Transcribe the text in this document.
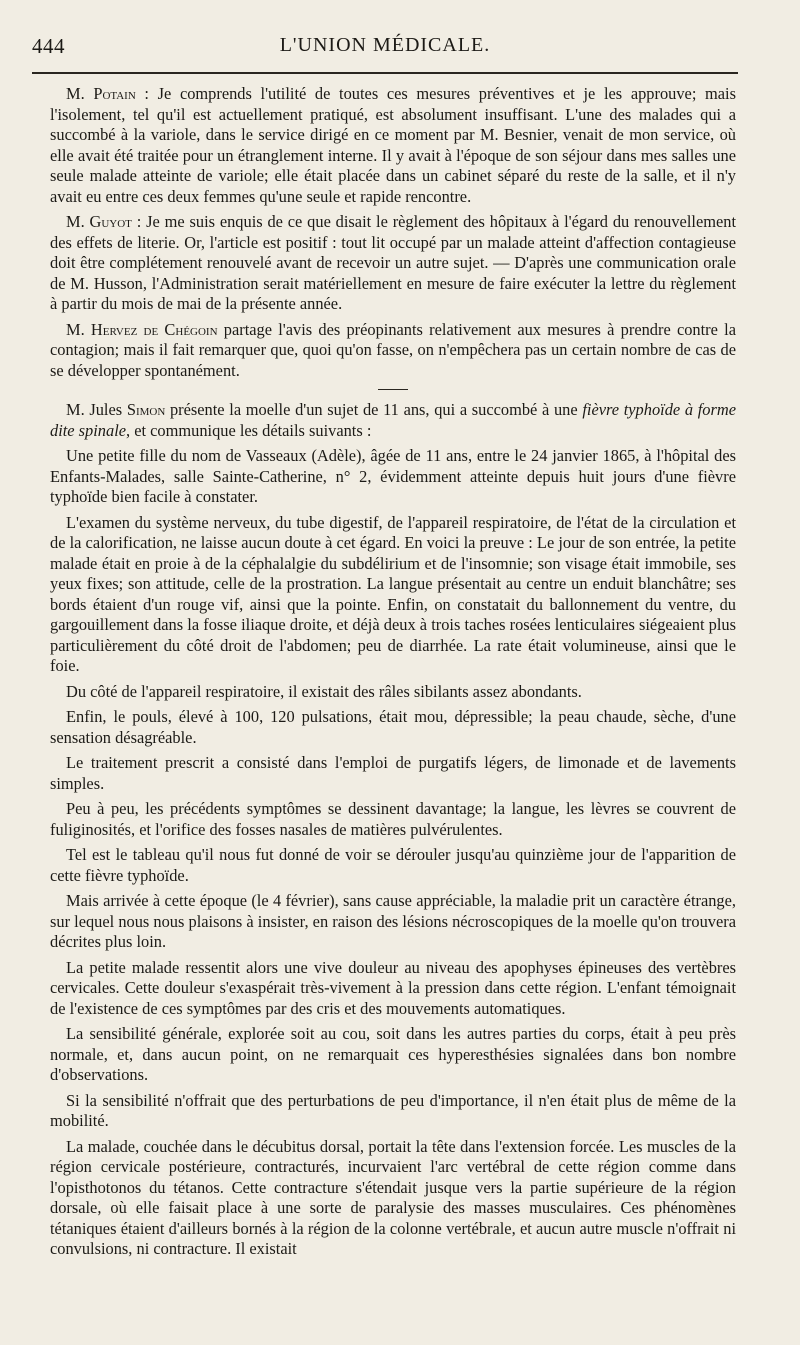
444	L'UNION MÉDICALE.

M. Potain : Je comprends l'utilité de toutes ces mesures préventives et je les approuve; mais l'isolement, tel qu'il est actuellement pratiqué, est absolument insuffisant. L'une des malades qui a succombé à la variole, dans le service dirigé en ce moment par M. Besnier, venait de mon service, où elle avait été traitée pour un étranglement interne. Il y avait à l'époque de son séjour dans mes salles une seule malade atteinte de variole; elle était placée dans un cabinet séparé du reste de la salle, et il n'y avait eu entre ces deux femmes qu'une seule et rapide rencontre.

M. Guyot : Je me suis enquis de ce que disait le règlement des hôpitaux à l'égard du renouvellement des effets de literie. Or, l'article est positif : tout lit occupé par un malade atteint d'affection contagieuse doit être complétement renouvelé avant de recevoir un autre sujet. — D'après une communication orale de M. Husson, l'Administration serait matériellement en mesure de faire exécuter la lettre du règlement à partir du mois de mai de la présente année.

M. Hervez de Chégoin partage l'avis des préopinants relativement aux mesures à prendre contre la contagion; mais il fait remarquer que, quoi qu'on fasse, on n'empêchera pas un certain nombre de cas de se développer spontanément.

M. Jules Simon présente la moelle d'un sujet de 11 ans, qui a succombé à une fièvre typhoïde à forme dite spinale, et communique les détails suivants :

Une petite fille du nom de Vasseaux (Adèle), âgée de 11 ans, entre le 24 janvier 1865, à l'hôpital des Enfants-Malades, salle Sainte-Catherine, n° 2, évidemment atteinte depuis huit jours d'une fièvre typhoïde bien facile à constater.

L'examen du système nerveux, du tube digestif, de l'appareil respiratoire, de l'état de la circulation et de la calorification, ne laisse aucun doute à cet égard. En voici la preuve : Le jour de son entrée, la petite malade était en proie à de la céphalalgie du subdélirium et de l'insomnie; son visage était immobile, ses yeux fixes; son attitude, celle de la prostration. La langue présentait au centre un enduit blanchâtre; ses bords étaient d'un rouge vif, ainsi que la pointe. Enfin, on constatait du ballonnement du ventre, du gargouillement dans la fosse iliaque droite, et déjà deux à trois taches rosées lenticulaires siégeaient plus particulièrement du côté droit de l'abdomen; peu de diarrhée. La rate était volumineuse, ainsi que le foie.

Du côté de l'appareil respiratoire, il existait des râles sibilants assez abondants.

Enfin, le pouls, élevé à 100, 120 pulsations, était mou, dépressible; la peau chaude, sèche, d'une sensation désagréable.

Le traitement prescrit a consisté dans l'emploi de purgatifs légers, de limonade et de lavements simples.

Peu à peu, les précédents symptômes se dessinent davantage; la langue, les lèvres se couvrent de fuliginosités, et l'orifice des fosses nasales de matières pulvérulentes.

Tel est le tableau qu'il nous fut donné de voir se dérouler jusqu'au quinzième jour de l'apparition de cette fièvre typhoïde.

Mais arrivée à cette époque (le 4 février), sans cause appréciable, la maladie prit un caractère étrange, sur lequel nous nous plaisons à insister, en raison des lésions nécroscopiques de la moelle qu'on trouvera décrites plus loin.

La petite malade ressentit alors une vive douleur au niveau des apophyses épineuses des vertèbres cervicales. Cette douleur s'exaspérait très-vivement à la pression dans cette région. L'enfant témoignait de l'existence de ces symptômes par des cris et des mouvements automatiques.

La sensibilité générale, explorée soit au cou, soit dans les autres parties du corps, était à peu près normale, et, dans aucun point, on ne remarquait ces hyperesthésies signalées dans bon nombre d'observations.

Si la sensibilité n'offrait que des perturbations de peu d'importance, il n'en était plus de même de la mobilité.

La malade, couchée dans le décubitus dorsal, portait la tête dans l'extension forcée. Les muscles de la région cervicale postérieure, contracturés, incurvaient l'arc vertébral de cette région comme dans l'opisthotonos du tétanos. Cette contracture s'étendait jusque vers la partie supérieure de la région dorsale, où elle faisait place à une sorte de paralysie des masses musculaires. Ces phénomènes tétaniques étaient d'ailleurs bornés à la région de la colonne vertébrale, et aucun autre muscle n'offrait ni convulsions, ni contracture. Il existait
